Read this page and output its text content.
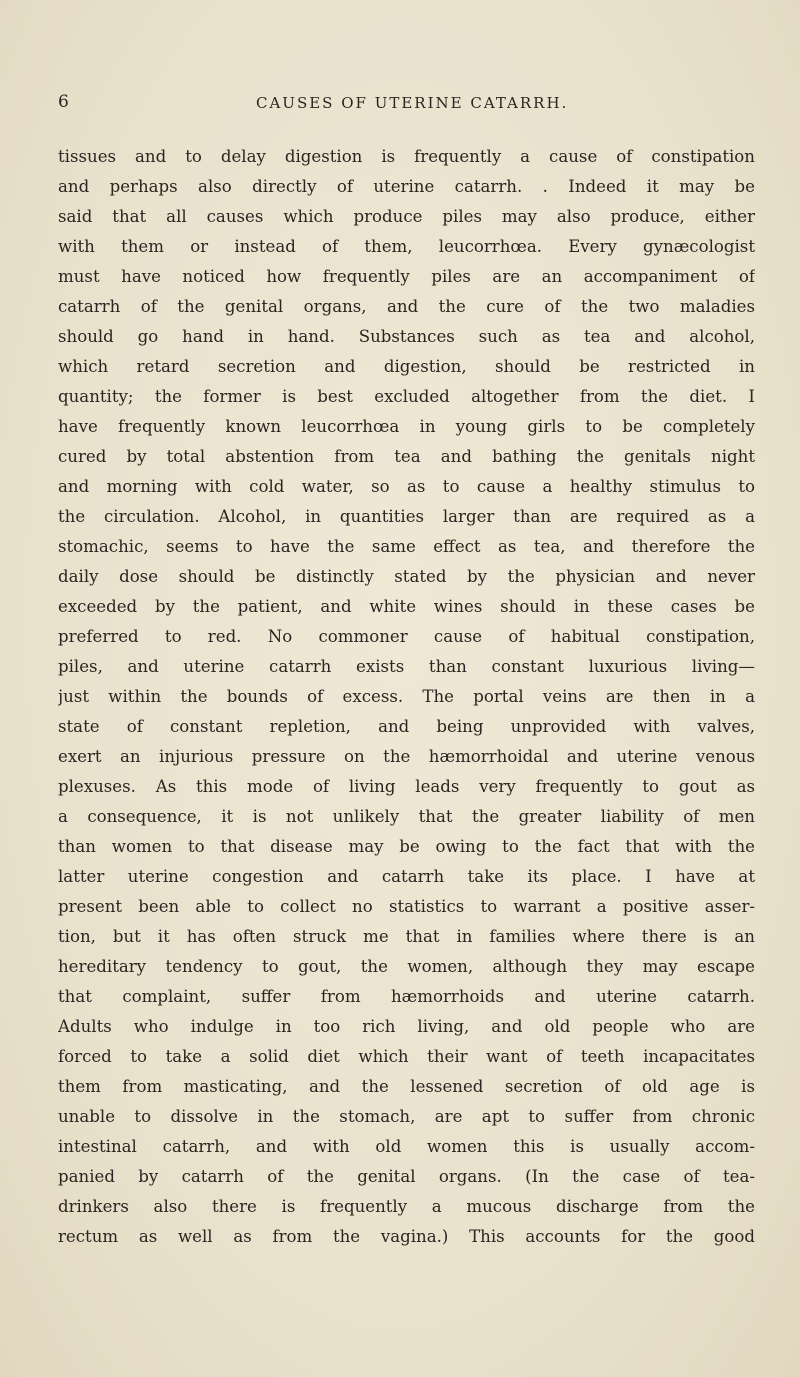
6	CAUSES OF UTERINE CATARRH.
tissues and to delay digestion is frequently a cause of constipation
and perhaps also directly of uterine catarrh. . Indeed it may be
said that all causes which produce piles may also produce, either
with them or instead of them, leucorrhœa. Every gynæcologist
must have noticed how frequently piles are an accompaniment of
catarrh of the genital organs, and the cure of the two maladies
should go hand in hand. Substances such as tea and alcohol,
which retard secretion and digestion, should be restricted in
quantity; the former is best excluded altogether from the diet. I
have frequently known leucorrhœa in young girls to be completely
cured by total abstention from tea and bathing the genitals night
and morning with cold water, so as to cause a healthy stimulus to
the circulation. Alcohol, in quantities larger than are required as a
stomachic, seems to have the same effect as tea, and therefore the
daily dose should be distinctly stated by the physician and never
exceeded by the patient, and white wines should in these cases be
preferred to red. No commoner cause of habitual constipation,
piles, and uterine catarrh exists than constant luxurious living—
just within the bounds of excess. The portal veins are then in a
state of constant repletion, and being unprovided with valves,
exert an injurious pressure on the hæmorrhoidal and uterine venous
plexuses. As this mode of living leads very frequently to gout as
a consequence, it is not unlikely that the greater liability of men
than women to that disease may be owing to the fact that with the
latter uterine congestion and catarrh take its place. I have at
present been able to collect no statistics to warrant a positive asser-
tion, but it has often struck me that in families where there is an
hereditary tendency to gout, the women, although they may escape
that complaint, suffer from hæmorrhoids and uterine catarrh.
Adults who indulge in too rich living, and old people who are
forced to take a solid diet which their want of teeth incapacitates
them from masticating, and the lessened secretion of old age is
unable to dissolve in the stomach, are apt to suffer from chronic
intestinal catarrh, and with old women this is usually accom-
panied by catarrh of the genital organs. (In the case of tea-
drinkers also there is frequently a mucous discharge from the
rectum as well as from the vagina.) This accounts for the good
